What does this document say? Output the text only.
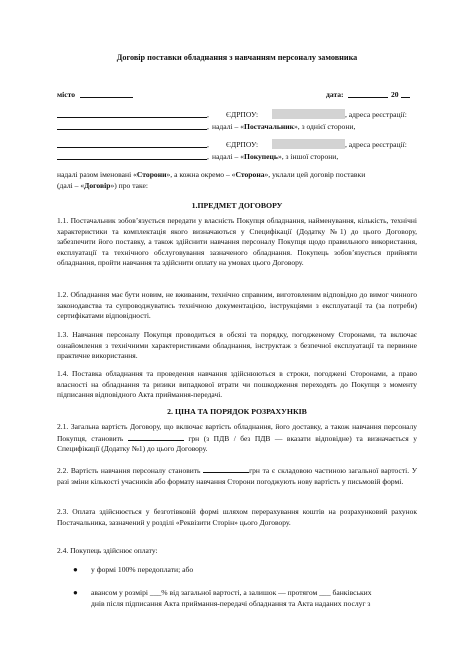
Договір поставки обладнання з навчанням персоналу замовника
місто	дата:	20
, ЄДРПОУ:	, адреса реєстрації:
, надалі – «Постачальник», з однієї сторони,
, ЄДРПОУ:	, адреса реєстрації:
, надалі – «Покупець», з іншої сторони,
надалі разом іменовані «Сторони», а кожна окремо – «Сторона», уклали цей договір поставки
(далі – «Договір») про таке:
1.ПРЕДМЕТ ДОГОВОРУ
1.1. Постачальник зобов’язується передати у власність Покупця обладнання, найменування, кількість, технічні характеристики та комплектація якого визначаються у Специфікації (Додатку №1) до цього Договору, забезпечити його поставку, а також здійснити навчання персоналу Покупця щодо правильного використання, експлуатації та технічного обслуговування зазначеного обладнання. Покупець зобов’язується прийняти обладнання, пройти навчання та здійснити оплату на умовах цього Договору.
1.2. Обладнання має бути новим, не вживаним, технічно справним, виготовленим відповідно до вимог чинного законодавства та супроводжуватись технічною документацією, інструкціями з експлуатації та (за потреби) сертифікатами відповідності.
1.3. Навчання персоналу Покупця проводиться в обсязі та порядку, погодженому Сторонами, та включає ознайомлення з технічними характеристиками обладнання, інструктаж з безпечної експлуатації та первинне практичне використання.
1.4. Поставка обладнання та проведення навчання здійснюються в строки, погоджені Сторонами, а право власності на обладнання та ризики випадкової втрати чи пошкодження переходять до Покупця з моменту підписання відповідного Акта приймання-передачі.
2. ЦІНА ТА ПОРЯДОК РОЗРАХУНКІВ
2.1. Загальна вартість Договору, що включає вартість обладнання, його доставку, а також навчання персоналу Покупця, становить	грн (з ПДВ / без ПДВ — вказати відповідне) та визначається у Специфікації (Додатку №1) до цього Договору.
2.2. Вартість навчання персоналу становить	грн та є складовою частиною загальної вартості. У разі зміни кількості учасників або формату навчання Сторони погоджують нову вартість у письмовій формі.
2.3. Оплата здійснюється у безготівковій формі шляхом перерахування коштів на розрахунковий рахунок Постачальника, зазначений у розділі «Реквізити Сторін» цього Договору.
2.4. Покупець здійснює оплату:
● у формі 100% передоплати; або
● авансом у розмірі ___% від загальної вартості, а залишок — протягом ___ банківських
днів після підписання Акта приймання-передачі обладнання та Акта наданих послуг з
